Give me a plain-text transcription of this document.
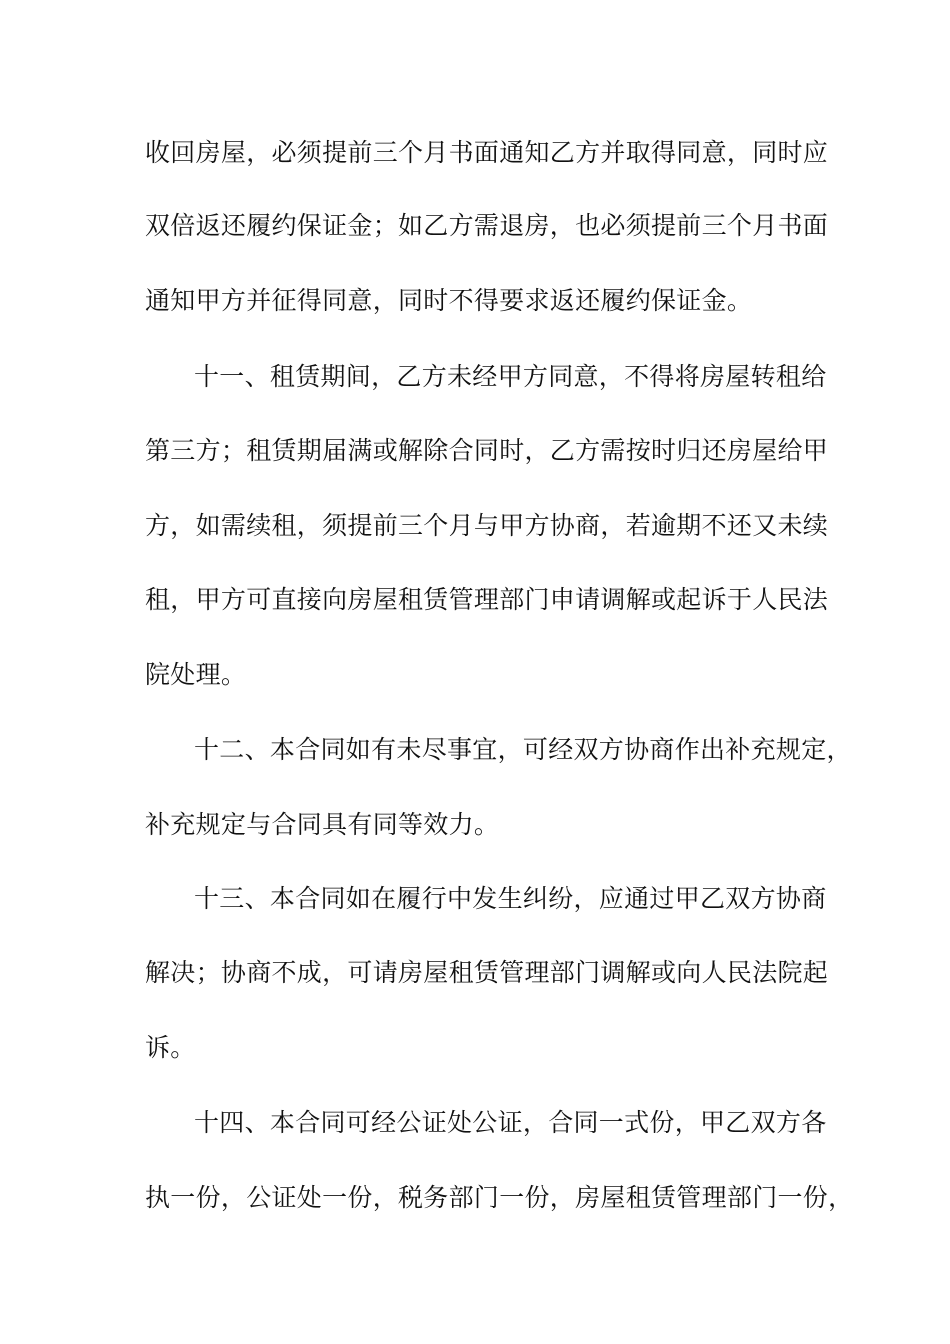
收回房屋，必须提前三个月书面通知乙方并取得同意，同时应
双倍返还履约保证金；如乙方需退房，也必须提前三个月书面
通知甲方并征得同意，同时不得要求返还履约保证金。
十一、租赁期间，乙方未经甲方同意，不得将房屋转租给
第三方；租赁期届满或解除合同时，乙方需按时归还房屋给甲
方，如需续租，须提前三个月与甲方协商，若逾期不还又未续
租，甲方可直接向房屋租赁管理部门申请调解或起诉于人民法
院处理。
十二、本合同如有未尽事宜，可经双方协商作出补充规定，
补充规定与合同具有同等效力。
十三、本合同如在履行中发生纠纷，应通过甲乙双方协商
解决；协商不成，可请房屋租赁管理部门调解或向人民法院起
诉。
十四、本合同可经公证处公证，合同一式份，甲乙双方各
执一份，公证处一份，税务部门一份，房屋租赁管理部门一份，
